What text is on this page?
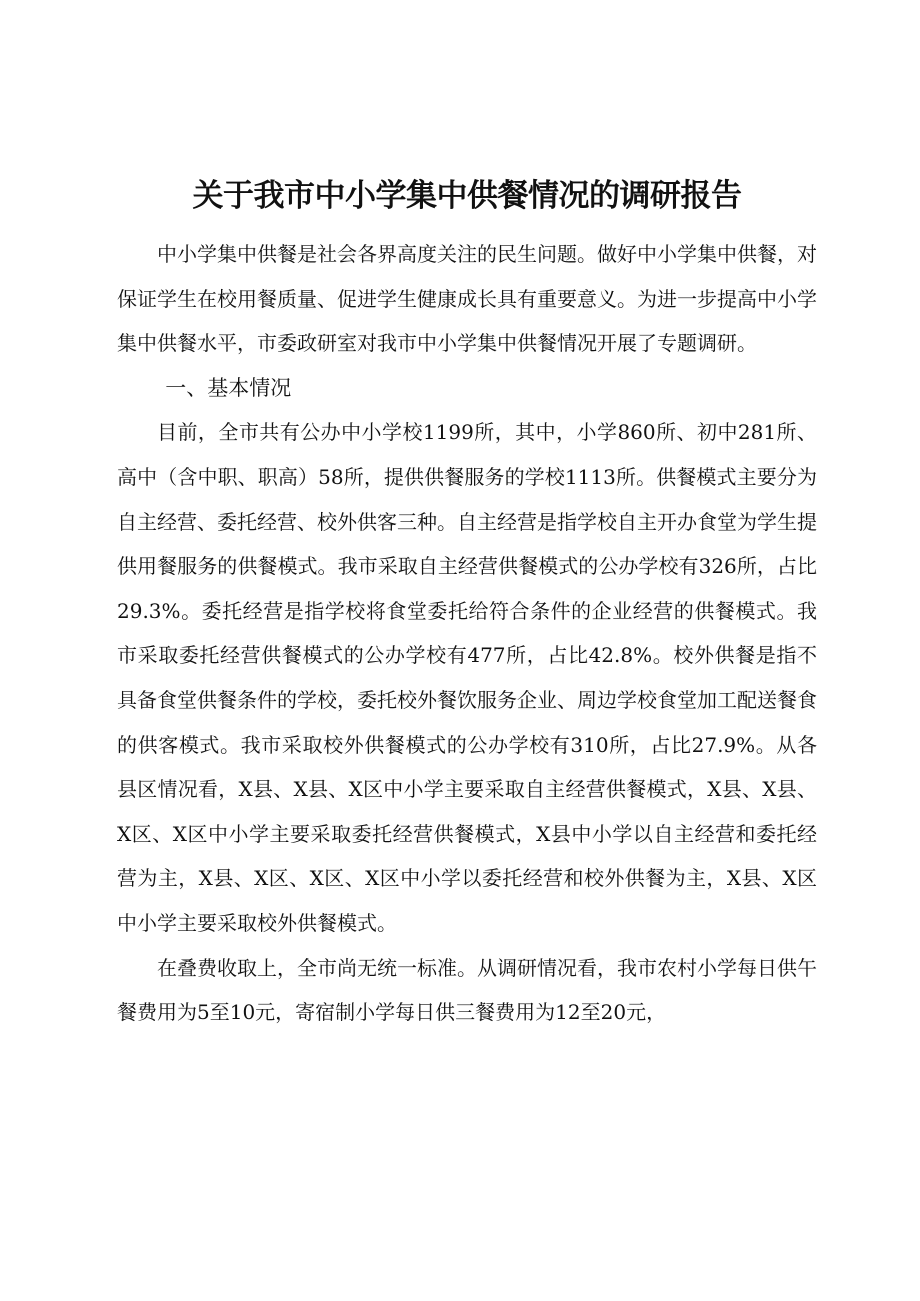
关于我市中小学集中供餐情况的调研报告

中小学集中供餐是社会各界高度关注的民生问题。做好中小学集中供餐，对保证学生在校用餐质量、促进学生健康成长具有重要意义。为进一步提高中小学集中供餐水平，市委政研室对我市中小学集中供餐情况开展了专题调研。

一、基本情况

目前，全市共有公办中小学校1199所，其中，小学860所、初中281所、高中（含中职、职高）58所，提供供餐服务的学校1113所。供餐模式主要分为自主经营、委托经营、校外供客三种。自主经营是指学校自主开办食堂为学生提供用餐服务的供餐模式。我市采取自主经营供餐模式的公办学校有326所，占比29.3%。委托经营是指学校将食堂委托给符合条件的企业经营的供餐模式。我市采取委托经营供餐模式的公办学校有477所，占比42.8%。校外供餐是指不具备食堂供餐条件的学校，委托校外餐饮服务企业、周边学校食堂加工配送餐食的供客模式。我市采取校外供餐模式的公办学校有310所，占比27.9%。从各县区情况看，X县、X县、X区中小学主要采取自主经营供餐模式，X县、X县、X区、X区中小学主要采取委托经营供餐模式，X县中小学以自主经营和委托经营为主，X县、X区、X区、X区中小学以委托经营和校外供餐为主，X县、X区中小学主要采取校外供餐模式。

在叠费收取上，全市尚无统一标准。从调研情况看，我市农村小学每日供午餐费用为5至10元，寄宿制小学每日供三餐费用为12至20元，
